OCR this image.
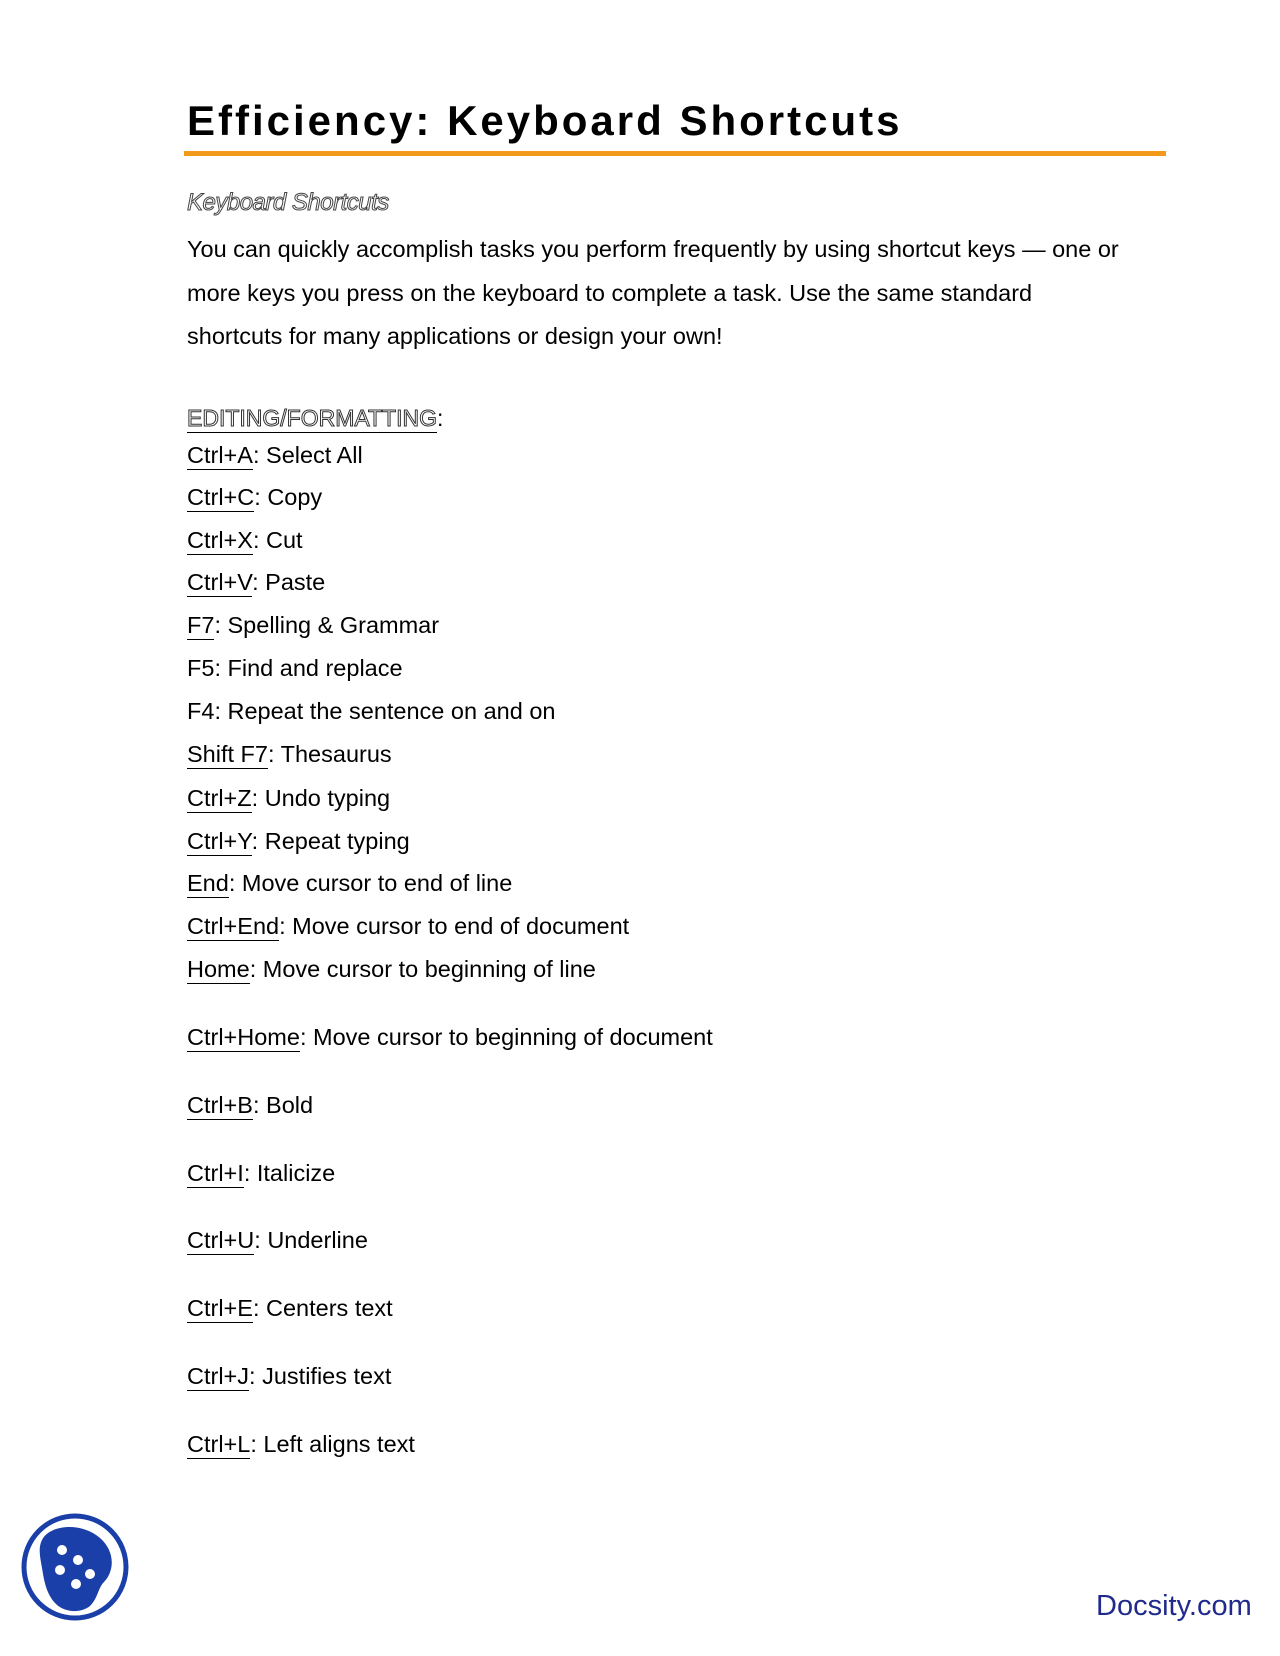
Efficiency: Keyboard Shortcuts
Keyboard Shortcuts

You can quickly accomplish tasks you perform frequently by using shortcut keys — one or

more keys you press on the keyboard to complete a task. Use the same standard

shortcuts for many applications or design your own!

EDITING/FORMATTING:
Ctrl+A: Select All
Ctrl+C: Copy
Ctrl+X: Cut
Ctrl+V: Paste
F7: Spelling & Grammar
F5: Find and replace
F4: Repeat the sentence on and on
Shift F7: Thesaurus
Ctrl+Z: Undo typing
Ctrl+Y: Repeat typing
End: Move cursor to end of line
Ctrl+End: Move cursor to end of document
Home: Move cursor to beginning of line
Ctrl+Home: Move cursor to beginning of document
Ctrl+B: Bold
Ctrl+I: Italicize
Ctrl+U: Underline
Ctrl+E: Centers text
Ctrl+J: Justifies text
Ctrl+L: Left aligns text
Docsity.com
